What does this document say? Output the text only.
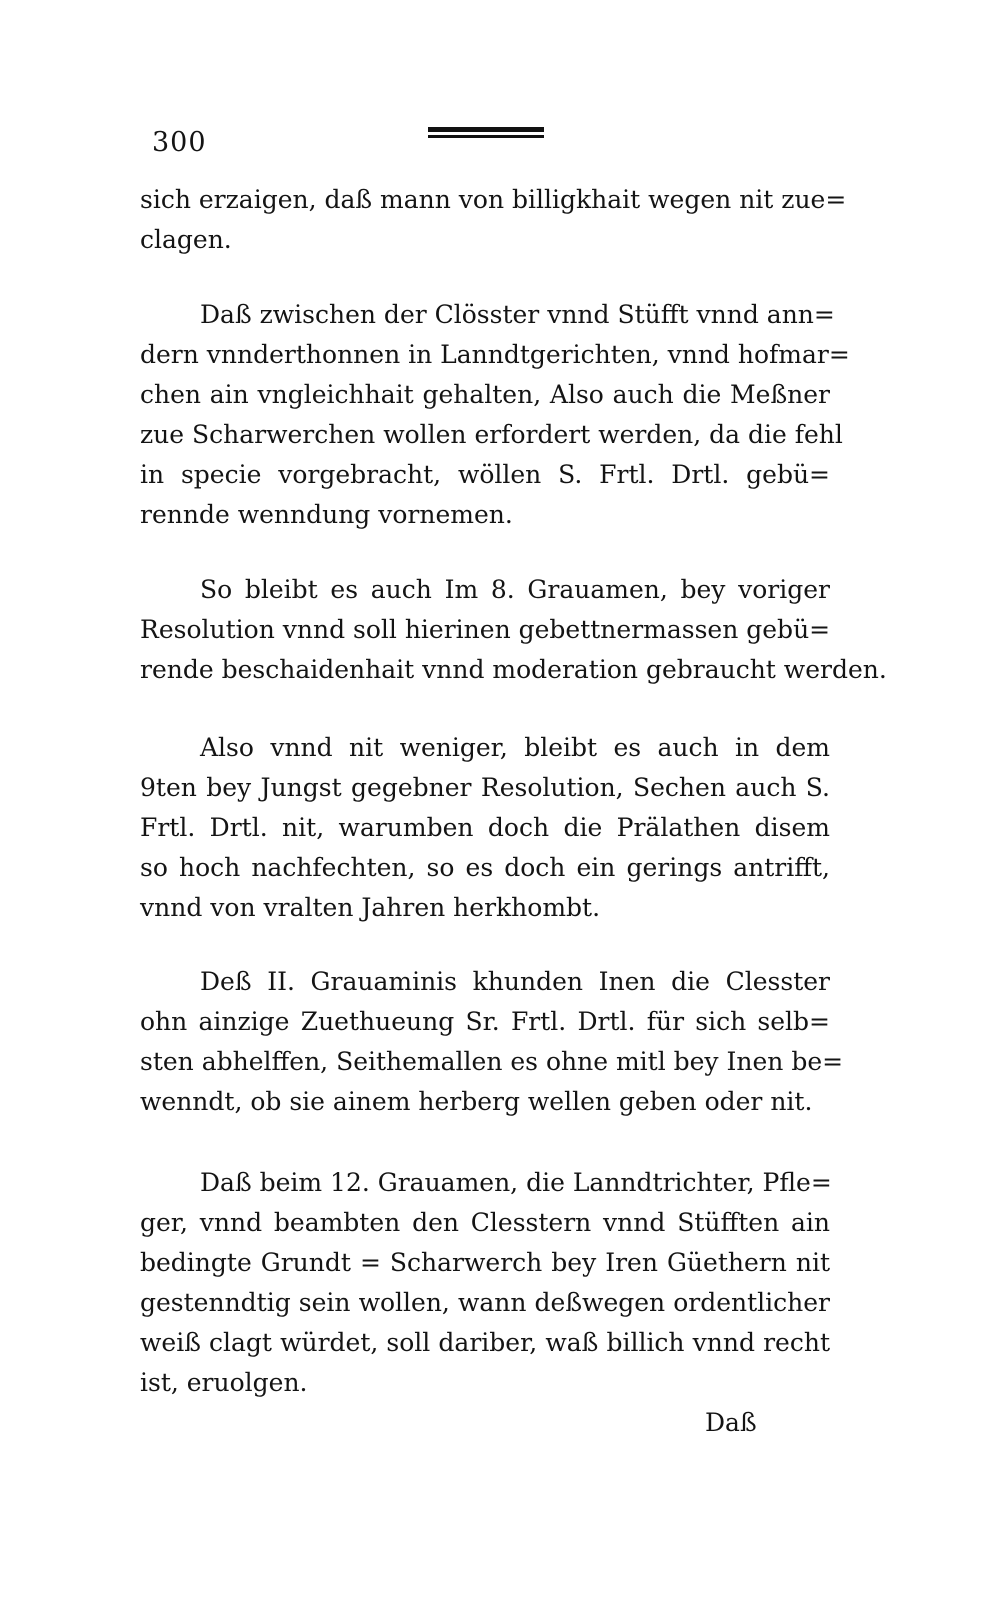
300
sich erzaigen, daß mann von billigkhait wegen nit zue=
clagen.
Daß zwischen der Clösster vnnd Stüfft vnnd ann=
dern vnnderthonnen in Lanndtgerichten, vnnd hofmar=
chen ain vngleichhait gehalten, Also auch die Meßner
zue Scharwerchen wollen erfordert werden, da die fehl
in specie vorgebracht, wöllen S. Frtl. Drtl. gebü=
rennde wenndung vornemen.
So bleibt es auch Im 8. Grauamen, bey voriger
Resolution vnnd soll hierinen gebettnermassen gebü=
rende beschaidenhait vnnd moderation gebraucht werden.
Also vnnd nit weniger, bleibt es auch in dem
9ten bey Jungst gegebner Resolution, Sechen auch S.
Frtl. Drtl. nit, warumben doch die Prälathen disem
so hoch nachfechten, so es doch ein gerings antrifft,
vnnd von vralten Jahren herkhombt.
Deß II. Grauaminis khunden Inen die Clesster
ohn ainzige Zuethueung Sr. Frtl. Drtl. für sich selb=
sten abhelffen, Seithemallen es ohne mitl bey Inen be=
wenndt, ob sie ainem herberg wellen geben oder nit.
Daß beim 12. Grauamen, die Lanndtrichter, Pfle=
ger, vnnd beambten den Clesstern vnnd Stüfften ain
bedingte Grundt = Scharwerch bey Iren Güethern nit
gestenndtig sein wollen, wann deßwegen ordentlicher
weiß clagt würdet, soll dariber, waß billich vnnd recht
ist, eruolgen.
Daß
